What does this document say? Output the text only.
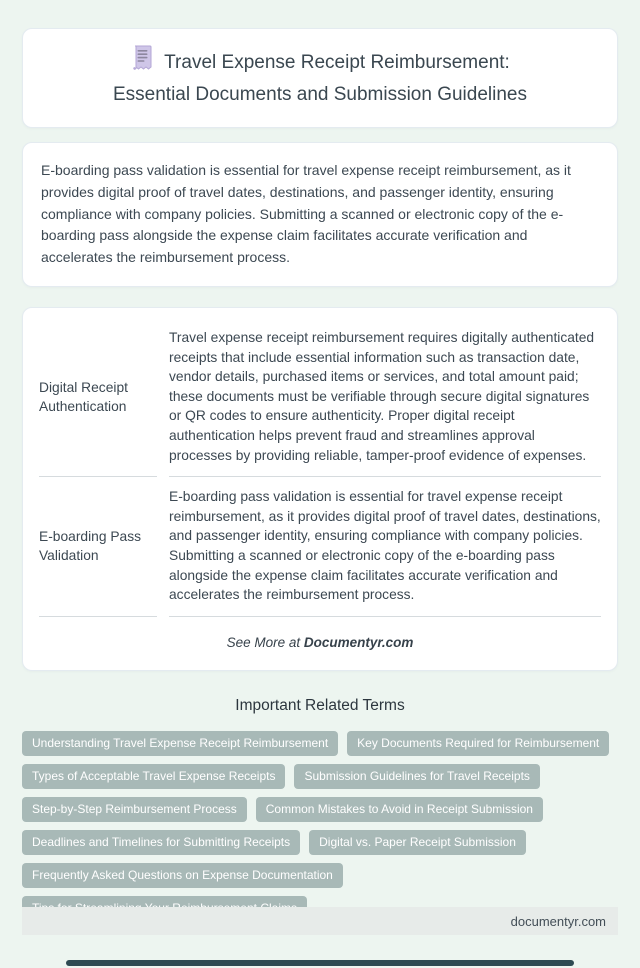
Travel Expense Receipt Reimbursement:

Essential Documents and Submission Guidelines

E-boarding pass validation is essential for travel expense receipt reimbursement, as it provides digital proof of travel dates, destinations, and passenger identity, ensuring compliance with company policies. Submitting a scanned or electronic copy of the e-boarding pass alongside the expense claim facilitates accurate verification and accelerates the reimbursement process.

Digital Receipt Authentication
Travel expense receipt reimbursement requires digitally authenticated receipts that include essential information such as transaction date, vendor details, purchased items or services, and total amount paid; these documents must be verifiable through secure digital signatures or QR codes to ensure authenticity. Proper digital receipt authentication helps prevent fraud and streamlines approval processes by providing reliable, tamper-proof evidence of expenses.
E-boarding Pass Validation
E-boarding pass validation is essential for travel expense receipt reimbursement, as it provides digital proof of travel dates, destinations, and passenger identity, ensuring compliance with company policies. Submitting a scanned or electronic copy of the e-boarding pass alongside the expense claim facilitates accurate verification and accelerates the reimbursement process.
See More at Documentyr.com
Important Related Terms
Understanding Travel Expense Receipt Reimbursement	Key Documents Required for Reimbursement
Types of Acceptable Travel Expense Receipts	Submission Guidelines for Travel Receipts
Step-by-Step Reimbursement Process	Common Mistakes to Avoid in Receipt Submission
Deadlines and Timelines for Submitting Receipts	Digital vs. Paper Receipt Submission
Frequently Asked Questions on Expense Documentation
documentyr.com
